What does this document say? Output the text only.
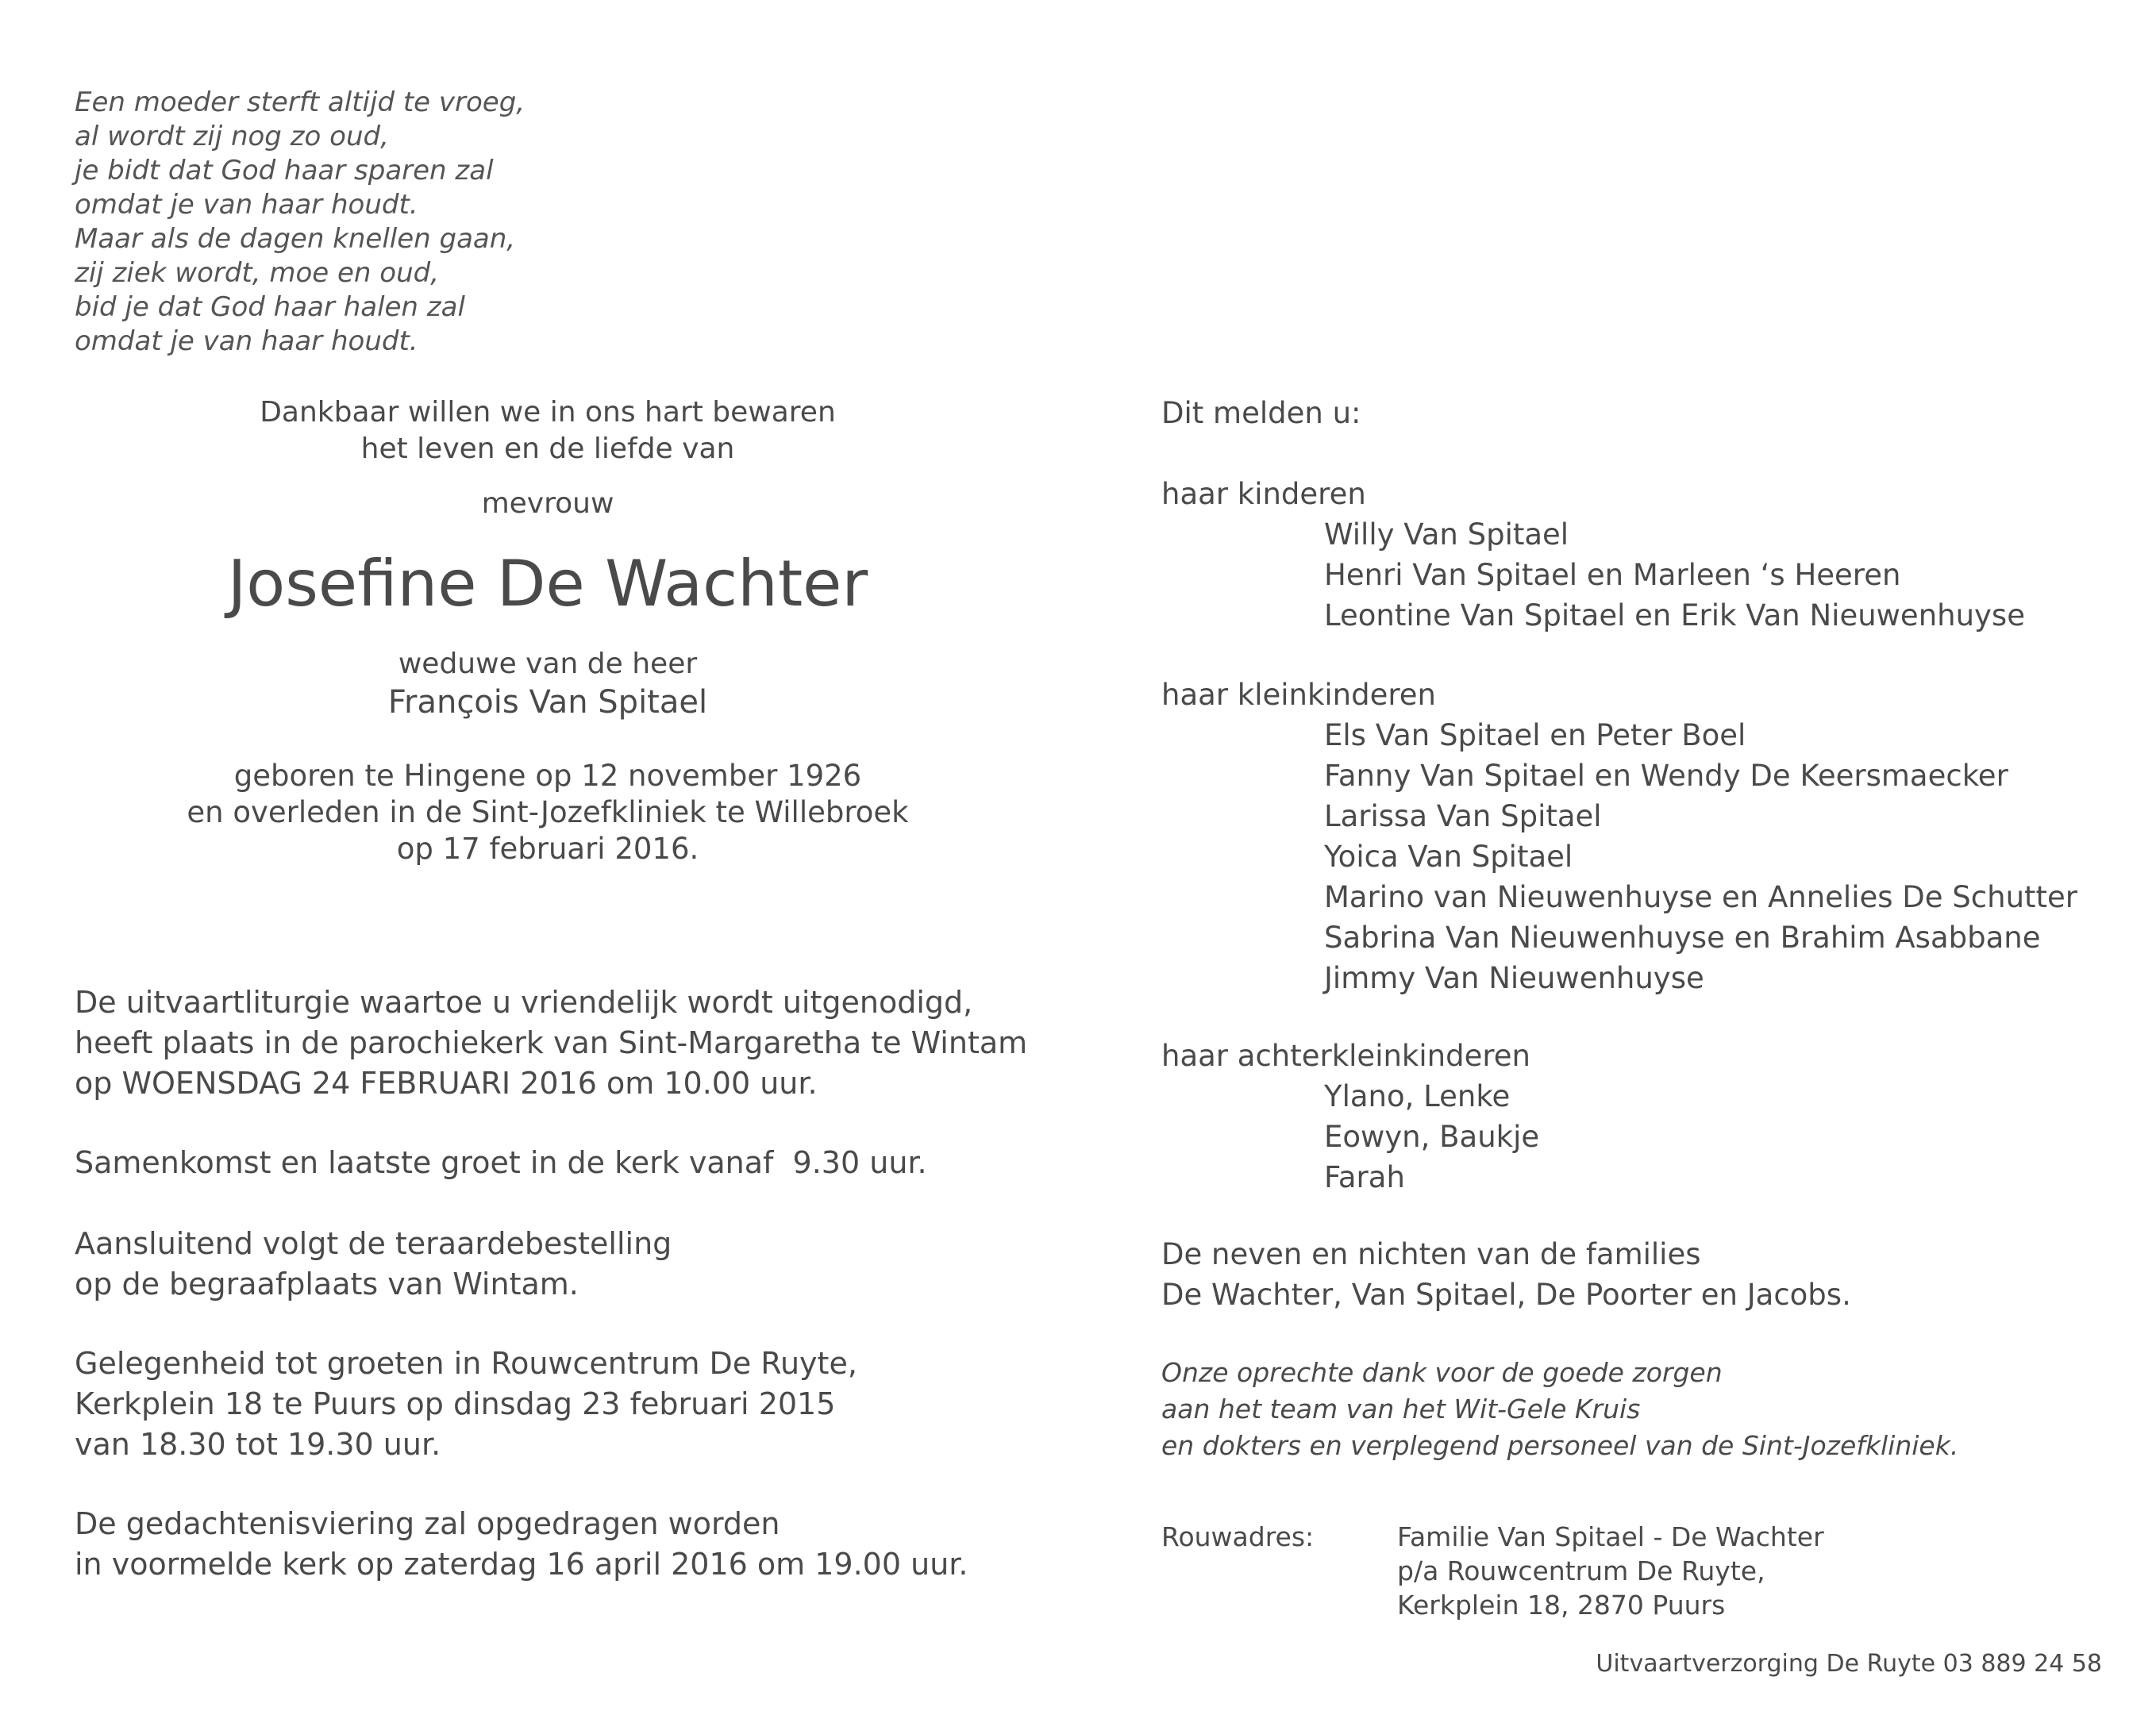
Een moeder sterft altijd te vroeg,
al wordt zij nog zo oud,
je bidt dat God haar sparen zal
omdat je van haar houdt.
Maar als de dagen knellen gaan,
zij ziek wordt, moe en oud,
bid je dat God haar halen zal
omdat je van haar houdt.
Dankbaar willen we in ons hart bewaren
het leven en de liefde van
mevrouw
Josefine De Wachter
weduwe van de heer
François Van Spitael
geboren te Hingene op 12 november 1926
en overleden in de Sint-Jozefkliniek te Willebroek
op 17 februari 2016.
De uitvaartliturgie waartoe u vriendelijk wordt uitgenodigd,
heeft plaats in de parochiekerk van Sint-Margaretha te Wintam
op WOENSDAG 24 FEBRUARI 2016 om 10.00 uur.
Samenkomst en laatste groet in de kerk vanaf  9.30 uur.
Aansluitend volgt de teraardebestelling
op de begraafplaats van Wintam.
Gelegenheid tot groeten in Rouwcentrum De Ruyte,
Kerkplein 18 te Puurs op dinsdag 23 februari 2015
van 18.30 tot 19.30 uur.
De gedachtenisviering zal opgedragen worden
in voormelde kerk op zaterdag 16 april 2016 om 19.00 uur.
Dit melden u:
haar kinderen
Willy Van Spitael
Henri Van Spitael en Marleen ‘s Heeren
Leontine Van Spitael en Erik Van Nieuwenhuyse
haar kleinkinderen
Els Van Spitael en Peter Boel
Fanny Van Spitael en Wendy De Keersmaecker
Larissa Van Spitael
Yoica Van Spitael
Marino van Nieuwenhuyse en Annelies De Schutter
Sabrina Van Nieuwenhuyse en Brahim Asabbane
Jimmy Van Nieuwenhuyse
haar achterkleinkinderen
Ylano, Lenke
Eowyn, Baukje
Farah
De neven en nichten van de families
De Wachter, Van Spitael, De Poorter en Jacobs.
Onze oprechte dank voor de goede zorgen
aan het team van het Wit-Gele Kruis
en dokters en verplegend personeel van de Sint-Jozefkliniek.
Rouwadres:	Familie Van Spitael - De Wachter
p/a Rouwcentrum De Ruyte,
Kerkplein 18, 2870 Puurs
Uitvaartverzorging De Ruyte 03 889 24 58
